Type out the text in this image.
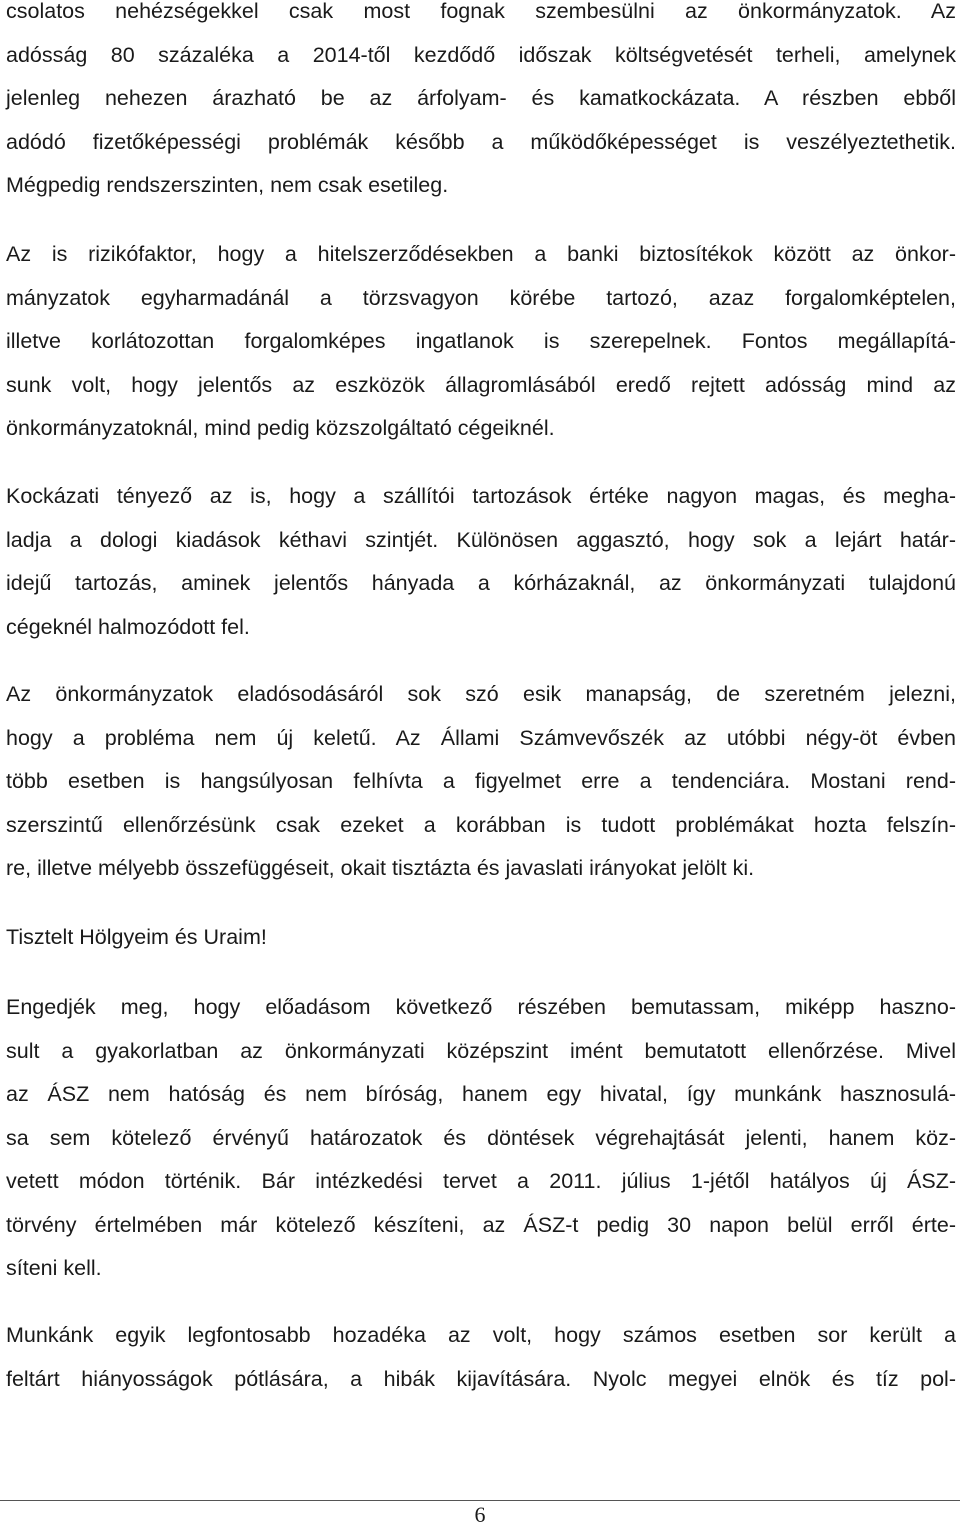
csolatos nehézségekkel csak most fognak szembesülni az önkormányzatok. Az
adósság 80 százaléka a 2014-től kezdődő időszak költségvetését terheli, amelynek
jelenleg nehezen árazható be az árfolyam- és kamatkockázata. A részben ebből
adódó fizetőképességi problémák később a működőképességet is veszélyeztethetik.
Mégpedig rendszerszinten, nem csak esetileg.

Az is rizikófaktor, hogy a hitelszerződésekben a banki biztosítékok között az önkor-
mányzatok egyharmadánál a törzsvagyon körébe tartozó, azaz forgalomképtelen,
illetve korlátozottan forgalomképes ingatlanok is szerepelnek. Fontos megállapítá-
sunk volt, hogy jelentős az eszközök állagromlásából eredő rejtett adósság mind az
önkormányzatoknál, mind pedig közszolgáltató cégeiknél.

Kockázati tényező az is, hogy a szállítói tartozások értéke nagyon magas, és megha-
ladja a dologi kiadások kéthavi szintjét. Különösen aggasztó, hogy sok a lejárt határ-
idejű tartozás, aminek jelentős hányada a kórházaknál, az önkormányzati tulajdonú
cégeknél halmozódott fel.

Az önkormányzatok eladósodásáról sok szó esik manapság, de szeretném jelezni,
hogy a probléma nem új keletű. Az Állami Számvevőszék az utóbbi négy-öt évben
több esetben is hangsúlyosan felhívta a figyelmet erre a tendenciára. Mostani rend-
szerszintű ellenőrzésünk csak ezeket a korábban is tudott problémákat hozta felszín-
re, illetve mélyebb összefüggéseit, okait tisztázta és javaslati irányokat jelölt ki.

Tisztelt Hölgyeim és Uraim!

Engedjék meg, hogy előadásom következő részében bemutassam, miképp haszno-
sult a gyakorlatban az önkormányzati középszint imént bemutatott ellenőrzése. Mivel
az ÁSZ nem hatóság és nem bíróság, hanem egy hivatal, így munkánk hasznosulá-
sa sem kötelező érvényű határozatok és döntések végrehajtását jelenti, hanem köz-
vetett módon történik. Bár intézkedési tervet a 2011. július 1-jétől hatályos új ÁSZ-
törvény értelmében már kötelező készíteni, az ÁSZ-t pedig 30 napon belül erről érte-
síteni kell.

Munkánk egyik legfontosabb hozadéka az volt, hogy számos esetben sor került a
feltárt hiányosságok pótlására, a hibák kijavítására. Nyolc megyei elnök és tíz pol-

6
